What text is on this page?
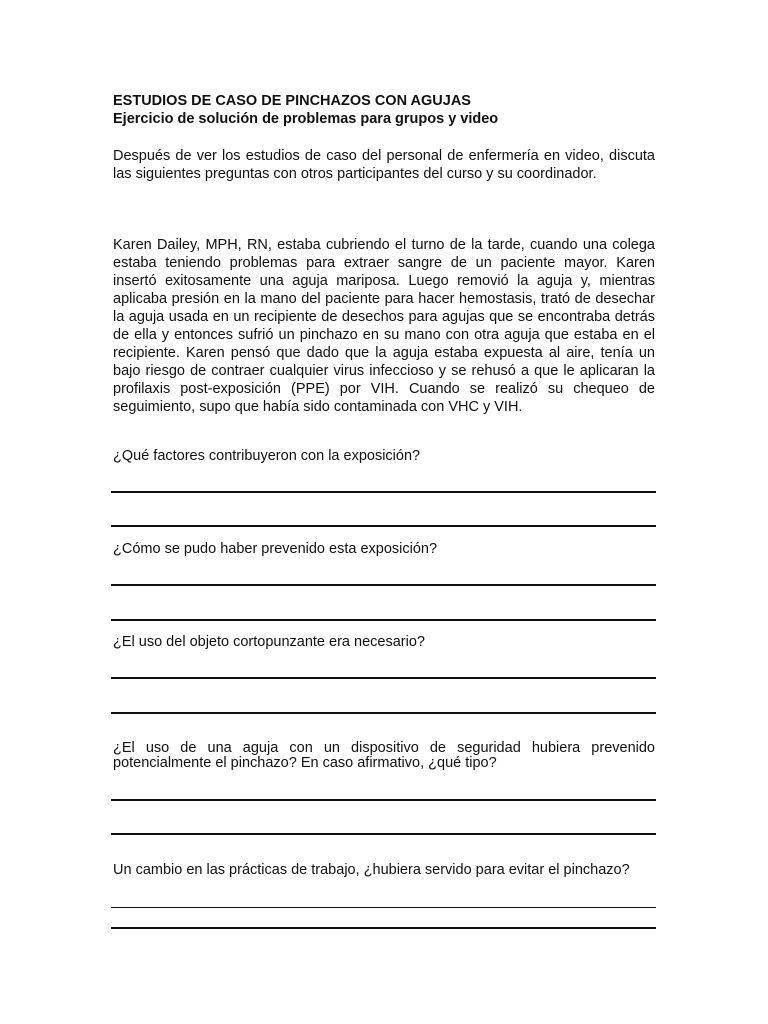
ESTUDIOS DE CASO DE PINCHAZOS CON AGUJAS
Ejercicio de solución de problemas para grupos y video
Después de ver los estudios de caso del personal de enfermería en video, discuta las siguientes preguntas con otros participantes del curso y su coordinador.
Karen Dailey, MPH, RN, estaba cubriendo el turno de la tarde, cuando una colega estaba teniendo problemas para extraer sangre de un paciente mayor. Karen insertó exitosamente una aguja mariposa. Luego removió la aguja y, mientras aplicaba presión en la mano del paciente para hacer hemostasis, trató de desechar la aguja usada en un recipiente de desechos para agujas que se encontraba detrás de ella y entonces sufrió un pinchazo en su mano con otra aguja que estaba en el recipiente. Karen pensó que dado que la aguja estaba expuesta al aire, tenía un bajo riesgo de contraer cualquier virus infeccioso y se rehusó a que le aplicaran la profilaxis post-exposición (PPE) por VIH. Cuando se realizó su chequeo de seguimiento, supo que había sido contaminada con VHC y VIH.
¿Qué factores contribuyeron con la exposición?
¿Cómo se pudo haber prevenido esta exposición?
¿El uso del objeto cortopunzante era necesario?
¿El uso de una aguja con un dispositivo de seguridad hubiera prevenido potencialmente el pinchazo? En caso afirmativo, ¿qué tipo?
Un cambio en las prácticas de trabajo, ¿hubiera servido para evitar el pinchazo?
